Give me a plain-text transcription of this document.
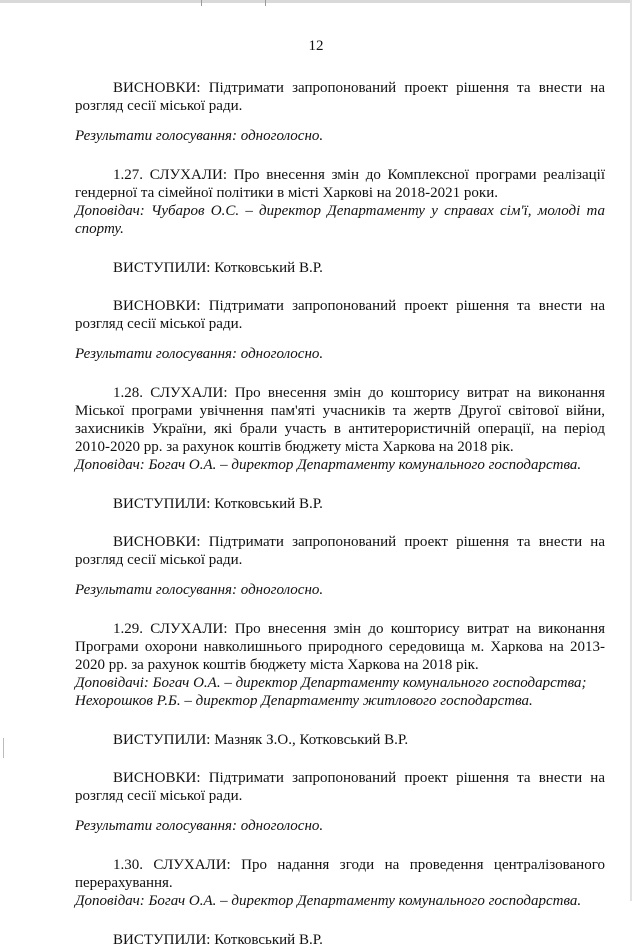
12

ВИСНОВКИ: Підтримати запропонований проект рішення та внести на розгляд сесії міської ради.

Результати голосування: одноголосно.

1.27. СЛУХАЛИ: Про внесення змін до Комплексної програми реалізації гендерної та сімейної політики в місті Харкові на 2018-2021 роки.

Доповідач: Чубаров О.С. – директор Департаменту у справах сім'ї, молоді та спорту.

ВИСТУПИЛИ: Котковський В.Р.

ВИСНОВКИ: Підтримати запропонований проект рішення та внести на розгляд сесії міської ради.

Результати голосування: одноголосно.

1.28. СЛУХАЛИ: Про внесення змін до кошторису витрат на виконання Міської програми увічнення пам'яті учасників та жертв Другої світової війни, захисників України, які брали участь в антитерористичній операції, на період 2010-2020 рр. за рахунок коштів бюджету міста Харкова на 2018 рік.

Доповідач: Богач О.А. – директор Департаменту комунального господарства.

ВИСТУПИЛИ: Котковський В.Р.

ВИСНОВКИ: Підтримати запропонований проект рішення та внести на розгляд сесії міської ради.

Результати голосування: одноголосно.

1.29. СЛУХАЛИ: Про внесення змін до кошторису витрат на виконання Програми охорони навколишнього природного середовища м. Харкова на 2013-2020 рр. за рахунок коштів бюджету міста Харкова на 2018 рік.

Доповідачі: Богач О.А. – директор Департаменту комунального господарства;

Нехорошков Р.Б. – директор Департаменту житлового господарства.

ВИСТУПИЛИ: Мазняк З.О., Котковський В.Р.

ВИСНОВКИ: Підтримати запропонований проект рішення та внести на розгляд сесії міської ради.

Результати голосування: одноголосно.

1.30. СЛУХАЛИ: Про надання згоди на проведення централізованого перерахування.

Доповідач: Богач О.А. – директор Департаменту комунального господарства.

ВИСТУПИЛИ: Котковський В.Р.
